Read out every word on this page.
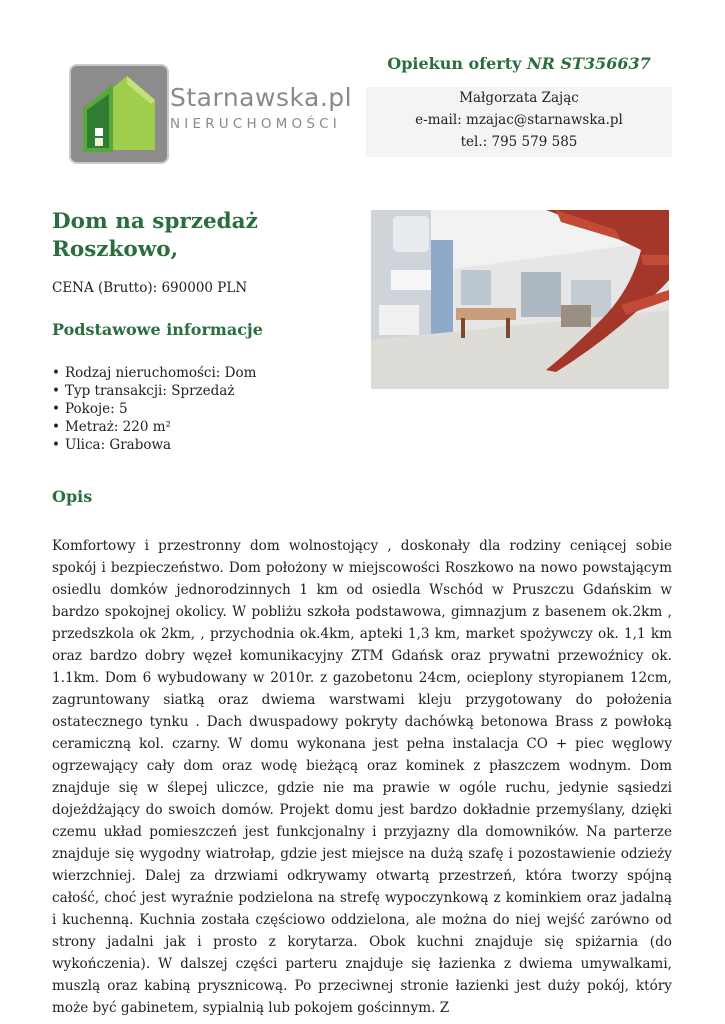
Starnawska.pl
NIERUCHOMOŚCI
Opiekun oferty NR ST356637
Małgorzata Zając
e-mail: mzajac@starnawska.pl
tel.: 795 579 585
Dom na sprzedaż Roszkowo,
CENA (Brutto): 690000 PLN
Podstawowe informacje
• Rodzaj nieruchomości: Dom
• Typ transakcji: Sprzedaż
• Pokoje: 5
• Metraż: 220 m²
• Ulica: Grabowa
Opis

Komfortowy i przestronny dom wolnostojący , doskonały dla rodziny ceniącej sobie spokój i bezpieczeństwo. Dom położony w miejscowości Roszkowo na nowo powstającym osiedlu domków jednorodzinnych 1 km od osiedla Wschód w Pruszczu Gdańskim w bardzo spokojnej okolicy. W pobliżu szkoła podstawowa, gimnazjum z basenem ok.2km , przedszkola ok 2km, , przychodnia ok.4km, apteki 1,3 km, market spożywczy ok. 1,1 km oraz bardzo dobry węzeł komunikacyjny ZTM Gdańsk oraz prywatni przewoźnicy ok. 1.1km. Dom 6 wybudowany w 2010r. z gazobetonu 24cm, ocieplony styropianem 12cm, zagruntowany siatką oraz dwiema warstwami kleju przygotowany do położenia ostatecznego tynku . Dach dwuspadowy pokryty dachówką betonowa Brass z powłoką ceramiczną kol. czarny. W domu wykonana jest pełna instalacja CO + piec węglowy ogrzewający cały dom oraz wodę bieżącą oraz kominek z płaszczem wodnym. Dom znajduje się w ślepej uliczce, gdzie nie ma prawie w ogóle ruchu, jedynie sąsiedzi dojeżdżający do swoich domów. Projekt domu jest bardzo dokładnie przemyślany, dzięki czemu układ pomieszczeń jest funkcjonalny i przyjazny dla domowników. Na parterze znajduje się wygodny wiatrołap, gdzie jest miejsce na dużą szafę i pozostawienie odzieży wierzchniej. Dalej za drzwiami odkrywamy otwartą przestrzeń, która tworzy spójną całość, choć jest wyraźnie podzielona na strefę wypoczynkową z kominkiem oraz jadalną i kuchenną. Kuchnia została częściowo oddzielona, ale można do niej wejść zarówno od strony jadalni jak i prosto z korytarza. Obok kuchni znajduje się spiżarnia (do wykończenia). W dalszej części parteru znajduje się łazienka z dwiema umywalkami, muszlą oraz kabiną prysznicową. Po przeciwnej stronie łazienki jest duży pokój, który może być gabinetem, sypialnią lub pokojem gościnnym. Z
